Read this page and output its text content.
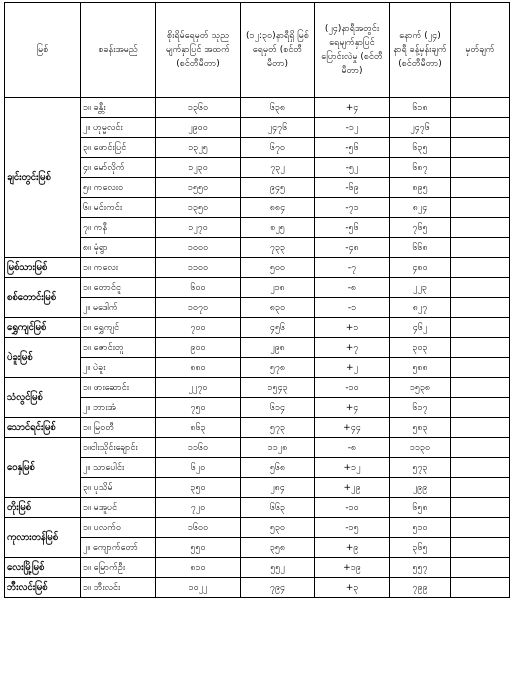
မြစ်	စခန်းအမည်	စိုးရိမ်ရေမှတ် သုည မျက်နှာပြင် အထက် (စင်တီမီတာ)	(၁၂:၃၀)နာရီရှိ မြစ်ရေမှတ် (စင်တီမီတာ)	(၂၄)နာရီအတွင်း ရေမျက်နှာပြင် ပြောင်းလဲမှု (စင်တီမီတာ)	နောက် (၂၄) နာရီ ခန့်မှန်းချက် (စင်တီမီတာ)	မှတ်ချက်
ချင်းတွင်းမြစ်	၁။ ခန္တီး	၁၃၆၀	၆၃၈	+၄	၆၁၈	
	၂။ ဟုမ္မလင်း	၂၉၀၀	၂၄၇၆	-၁၂	၂၄၇၆	
	၃။ ဖောင်းပြင်	၁၃၂၅	၆၇၀	-၅၆	၆၃၅	
	၄။ မော်လိုက်	၁၂၃၀	၇၃၂	-၅၂	၆၈၇	
	၅။ ကလေးဝ	၁၅၅၀	၉၄၅	-၆၉	၈၉၅	
	၆။ မင်းကင်း	၁၃၅၀	၈၈၄	-၇၁	၈၂၄	
	၇။ ကနီ	၁၂၇၀	၈၂၅	-၅၆	၇၆၅	
	၈။ မုံရွာ	၁၀၀၀	၇၃၃	-၄၈	၆၆၈	
မြစ်သားမြစ်	၁။ ကလေး	၁၁၀၀	၅၀၀	-၇	၄၈၀	
စစ်တောင်းမြစ်	၁။ တောင်ငူ	၆၀၀	၂၁၈	-၈	၂၂၃	
	၂။ မဒေါက်	၁၀၇၀	၈၃၀	-၁	၈၂၇	
ရွှေကျင်မြစ်	၁။ ရွှေကျင်	၇၀၀	၄၅၆	+၁	၄၆၂	
ပဲခူးမြစ်	၁။ ဇောင်းတူ	၉၀၀	၂၉၈	+၇	၃၀၃	
	၂။ ပဲခူး	၈၈၀	၅၇၈	+၂	၅၈၈	
သံလွင်မြစ်	၁။ ဖားဆောင်း	၂၂၇၀	၁၅၄၃	-၁၀	၁၅၃၈	
	၂။ ဘားအံ	၇၅၀	၆၁၄	+၄	၆၁၇	
သောင်ရင်းမြစ်	၁။ မြဝတီ	၈၆၃	၅၇၃	+၄၄	၅၈၃	
ဝေနှမြစ်	၁။ငါးသိုင်းချောင်း	၁၁၆၀	၁၁၂၈	-၈	၁၁၃၀	
	၂။ သာပေါင်း	၆၂၀	၅၆၈	+၁၂	၅၇၃	
	၃။ ပုသိမ်	၃၅၀	၂၈၄	+၂၉	၂၉၉	
တိုးမြစ်	၁။ မအူပင်	၇၂၀	၆၆၃	-၁၀	၆၅၈	
ကုလားတန်မြစ်	၁။ ပလက်ဝ	၁၆၀၀	၅၃၀	-၁၅	၅၁၀	
	၂။ ကျောက်တော်	၅၅၀	၃၅၈	+၉	၃၆၅	
လေးမြို့မြစ်	၁။ မြောက်ဦး	၈၁၀	၅၅၂	+၁၉	၅၅၇	
ဘီးလင်းမြစ်	၁။ ဘီးလင်း	၁၀၂၂	၇၉၄	+၃	၇၉၉	
